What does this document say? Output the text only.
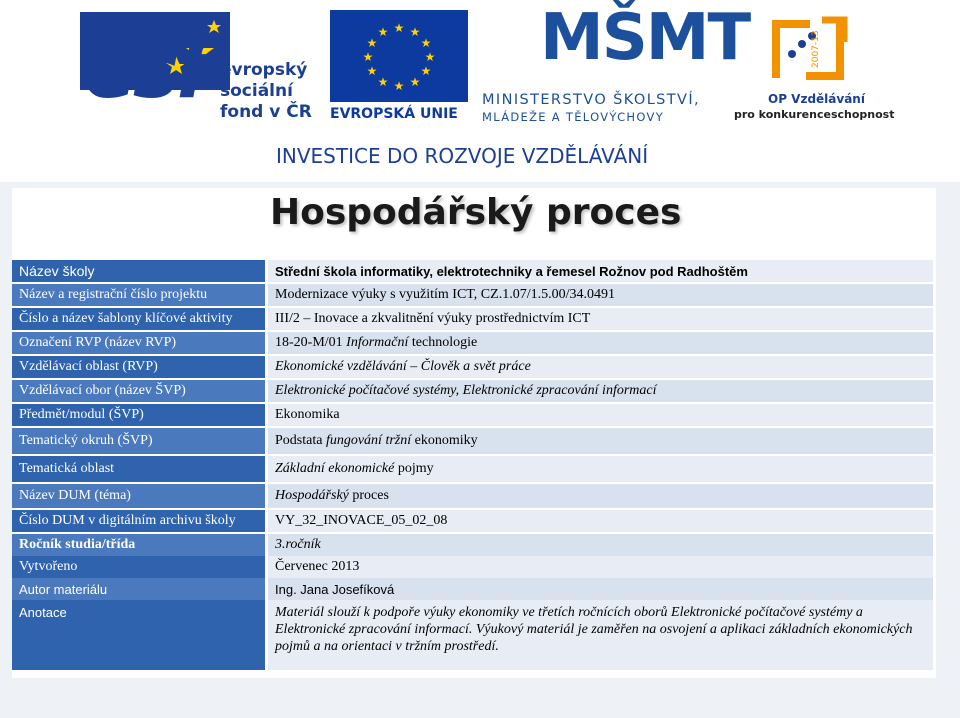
esf evropský
sociální
fond v ČR
★ ★
★
★
★
★
★
★
★
★
★
★
EVROPSKÁ UNIE
MŠMT
MINISTERSTVO ŠKOLSTVÍ,
MLÁDEŽE A TĚLOVÝCHOVY
2007-13
OP Vzdělávání
pro konkurenceschopnost
INVESTICE DO ROZVOJE VZDĚLÁVÁNÍ
Hospodářský proces
Název školy	Střední škola informatiky, elektrotechniky a řemesel Rožnov pod Radhoštěm
Název a registrační číslo projektu	Modernizace výuky s využitím ICT, CZ.1.07/1.5.00/34.0491
Číslo a název šablony klíčové aktivity	III/2 – Inovace a zkvalitnění výuky prostřednictvím ICT
Označení RVP (název RVP)	18-20-M/01 Informační technologie
Vzdělávací oblast (RVP)	Ekonomické vzdělávání – Člověk a svět práce
Vzdělávací obor (název ŠVP)	Elektronické počítačové systémy, Elektronické zpracování informací
Předmět/modul (ŠVP)	Ekonomika
Tematický okruh (ŠVP)	Podstata fungování tržní ekonomiky
Tematická oblast	Základní ekonomické pojmy
Název DUM (téma)	Hospodářský proces
Číslo DUM v digitálním archivu školy	VY_32_INOVACE_05_02_08
Ročník studia/třída	3.ročník
Vytvořeno	Červenec 2013
Autor materiálu	Ing. Jana Josefíková
Anotace	Materiál slouží k podpoře výuky ekonomiky ve třetích ročnících oborů Elektronické počítačové systémy a Elektronické zpracování informací. Výukový materiál je zaměřen na osvojení a aplikaci základních ekonomických pojmů a na orientaci v tržním prostředí.
